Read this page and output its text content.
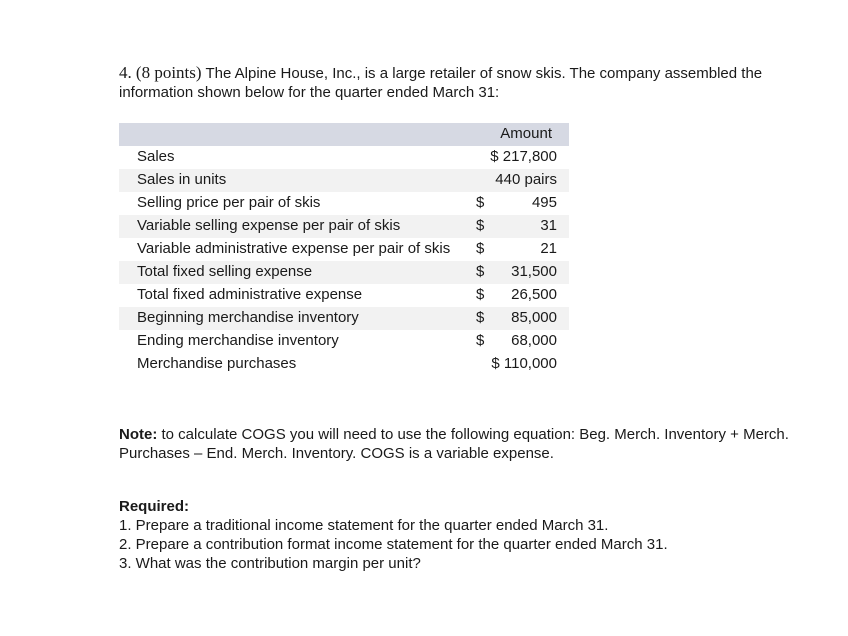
4. (8 points) The Alpine House, Inc., is a large retailer of snow skis. The company assembled the information shown below for the quarter ended March 31:
Amount
Sales	$ 217,800
Sales in units	440 pairs
Selling price per pair of skis	$	495
Variable selling expense per pair of skis	$	31
Variable administrative expense per pair of skis $	21
Total fixed selling expense	$ 31,500
Total fixed administrative expense	$ 26,500
Beginning merchandise inventory	$ 85,000
Ending merchandise inventory	$ 68,000
Merchandise purchases	$ 110,000
Note: to calculate COGS you will need to use the following equation: Beg. Merch. Inventory + Merch. Purchases – End. Merch. Inventory. COGS is a variable expense.
Required:
1. Prepare a traditional income statement for the quarter ended March 31.
2. Prepare a contribution format income statement for the quarter ended March 31.
3. What was the contribution margin per unit?
